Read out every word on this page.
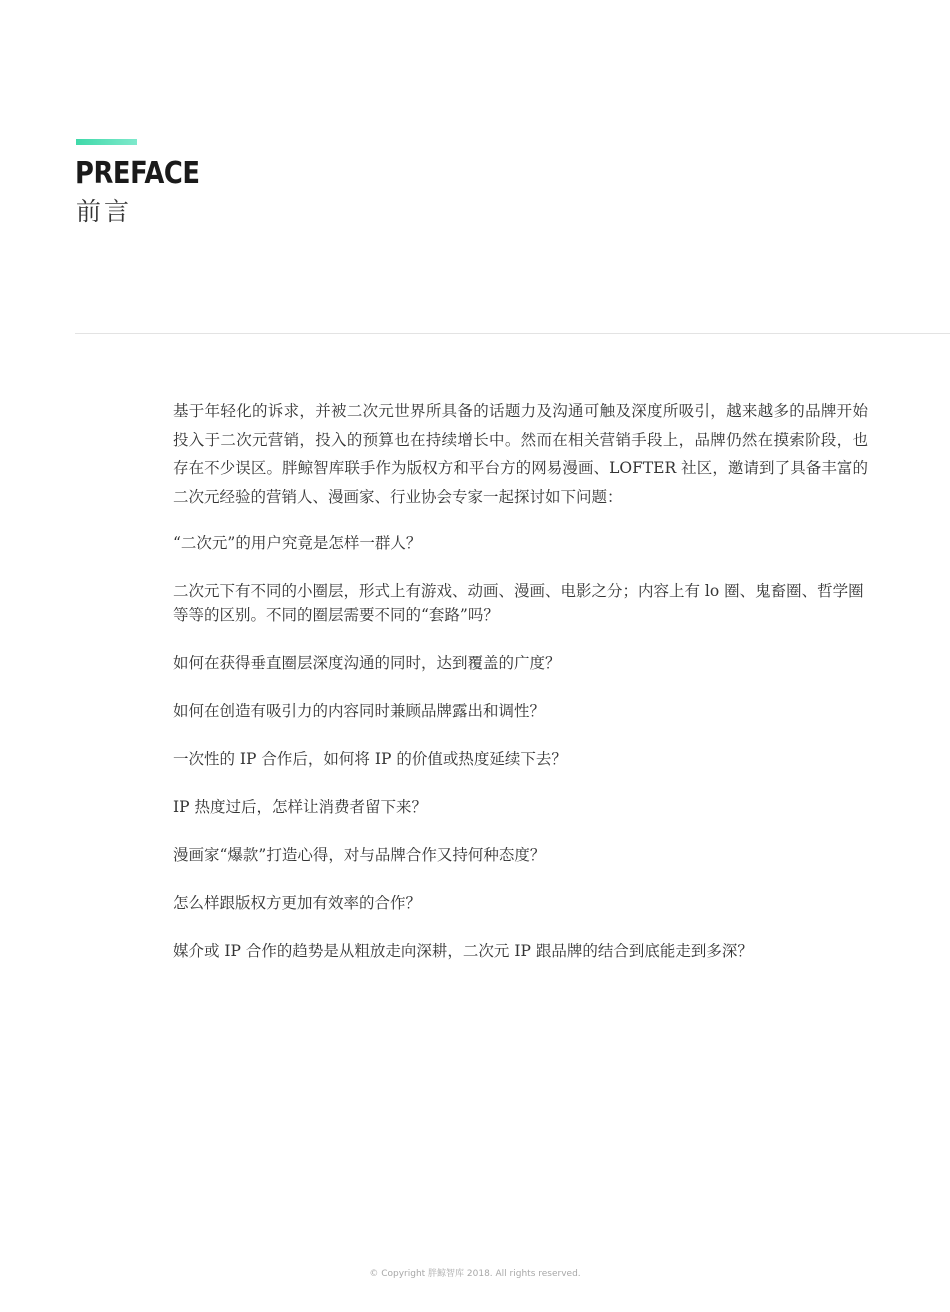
PREFACE
前言

基于年轻化的诉求，并被二次元世界所具备的话题力及沟通可触及深度所吸引，越来越多的品牌开始投入于二次元营销，投入的预算也在持续增长中。然而在相关营销手段上，品牌仍然在摸索阶段，也存在不少误区。胖鲸智库联手作为版权方和平台方的网易漫画、LOFTER 社区，邀请到了具备丰富的二次元经验的营销人、漫画家、行业协会专家一起探讨如下问题：

“二次元”的用户究竟是怎样一群人？

二次元下有不同的小圈层，形式上有游戏、动画、漫画、电影之分；内容上有 lo 圈、鬼畜圈、哲学圈等等的区别。不同的圈层需要不同的“套路”吗？

如何在获得垂直圈层深度沟通的同时，达到覆盖的广度？

如何在创造有吸引力的内容同时兼顾品牌露出和调性？

一次性的 IP 合作后，如何将 IP 的价值或热度延续下去？

IP 热度过后，怎样让消费者留下来？

漫画家“爆款”打造心得，对与品牌合作又持何种态度？

怎么样跟版权方更加有效率的合作？

媒介或 IP 合作的趋势是从粗放走向深耕，二次元 IP 跟品牌的结合到底能走到多深？

© Copyright 胖鲸智库 2018. All rights reserved.
